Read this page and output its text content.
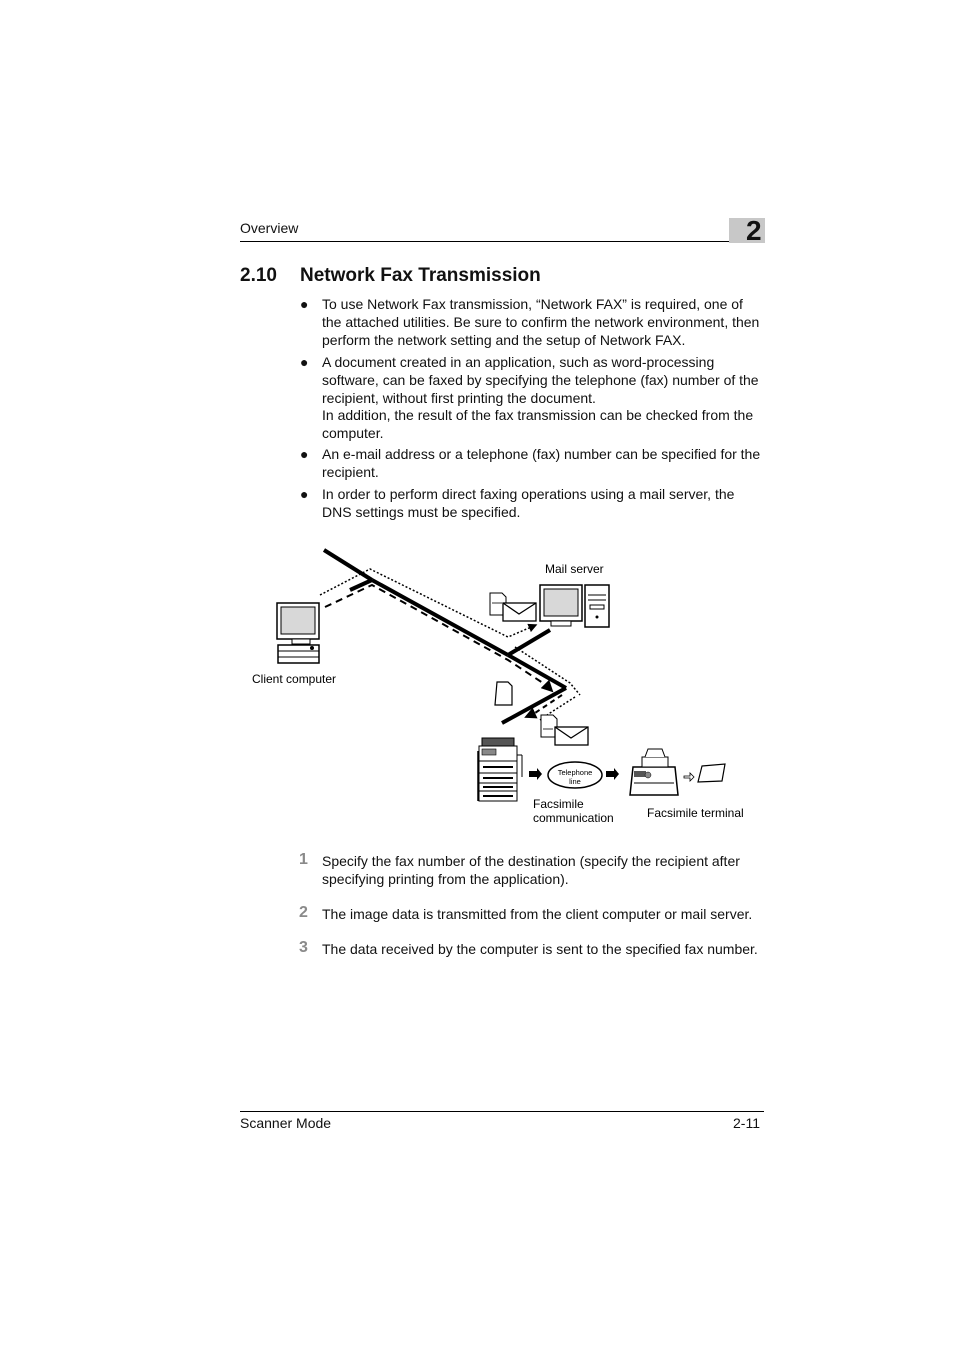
Overview	2
2.10 Network Fax Transmission
● To use Network Fax transmission, “Network FAX” is required, one of the attached utilities. Be sure to confirm the network environment, then perform the network setting and the setup of Network FAX.

● A document created in an application, such as word-processing software, can be faxed by specifying the telephone (fax) number of the recipient, without first printing the document.

In addition, the result of the fax transmission can be checked from the computer.

● An e-mail address or a telephone (fax) number can be specified for the recipient.

● In order to perform direct faxing operations using a mail server, the DNS settings must be specified.

Mail server
Client computer
Telephone
line
Facsimile
communication	Facsimile terminal
1 Specify the fax number of the destination (specify the recipient after specifying printing from the application).
2 The image data is transmitted from the client computer or mail server.
3 The data received by the computer is sent to the specified fax number.
Scanner Mode	2-11
